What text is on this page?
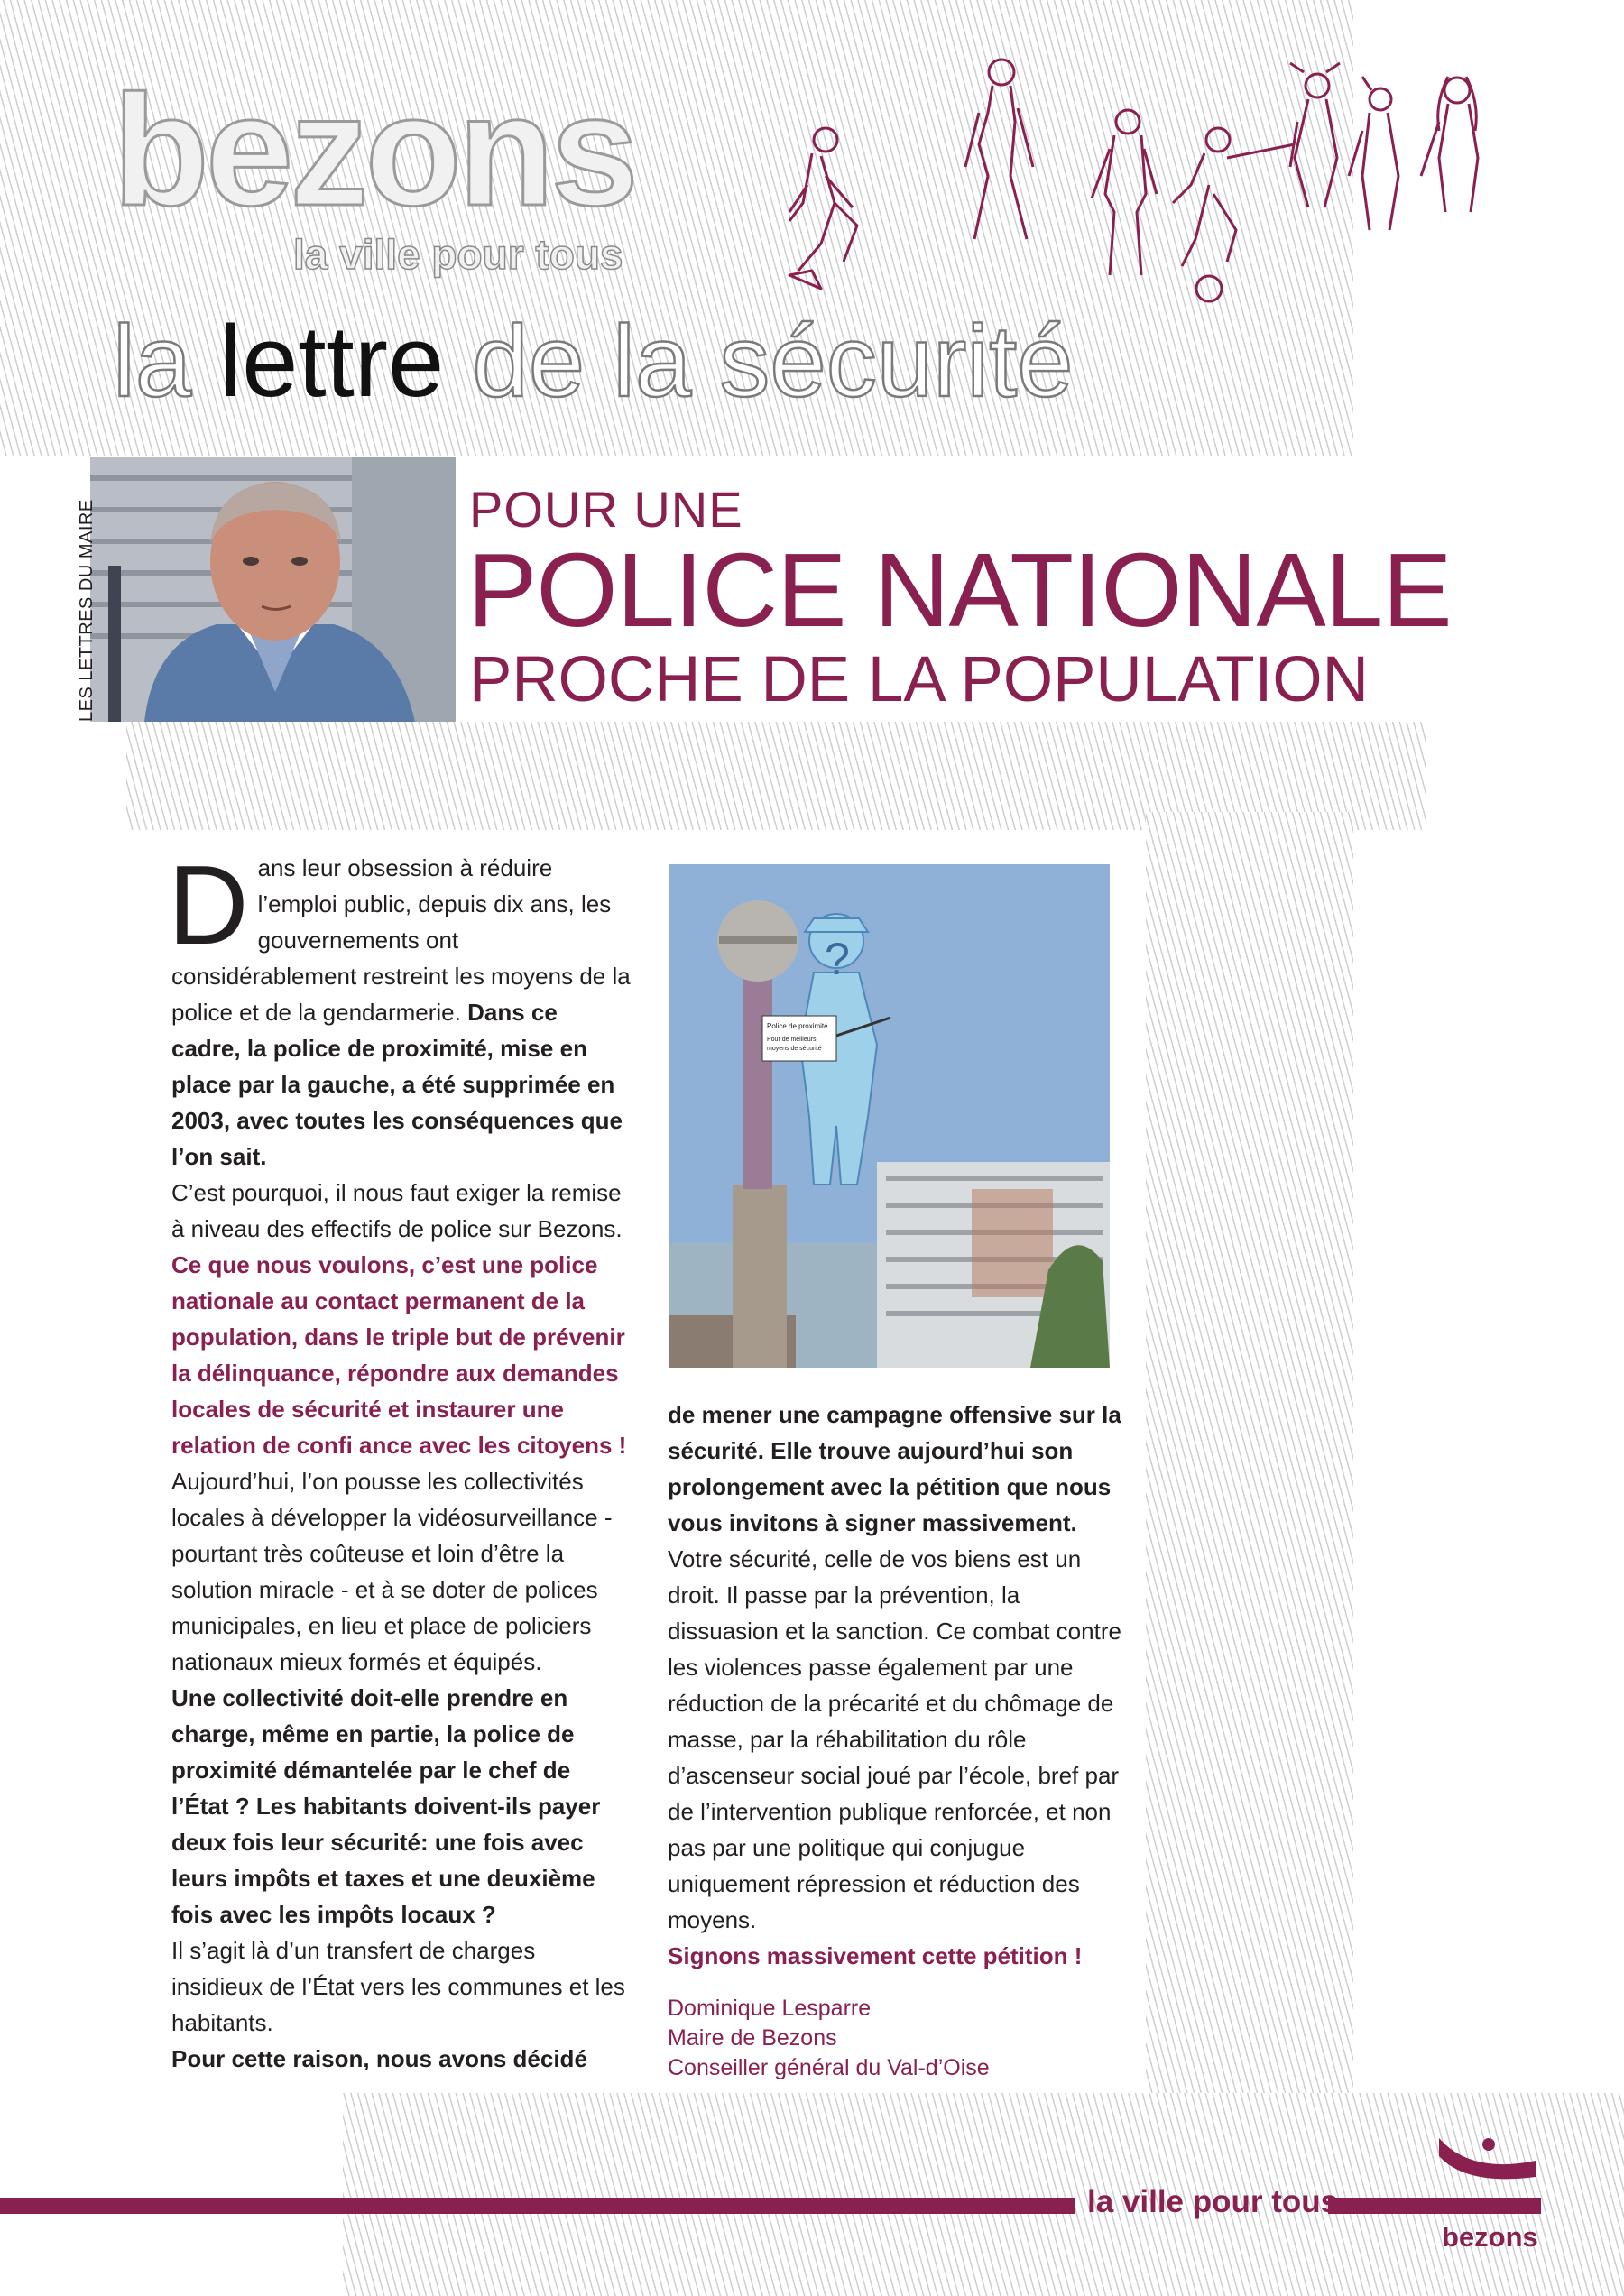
bezons
la ville pour tous
la lettre de la sécurité
LES LETTRES DU MAIRE	POUR UNE
POLICE NATIONALE
PROCHE DE LA POPULATION

Dans leur obsession à réduire l’emploi public, depuis dix ans, les gouvernements ont considérablement restreint les moyens de la police et de la gendarmerie. Dans ce cadre, la police de proximité, mise en place par la gauche, a été supprimée en 2003, avec toutes les conséquences que l’on sait.

C’est pourquoi, il nous faut exiger la remise à niveau des effectifs de police sur Bezons.

Ce que nous voulons, c’est une police nationale au contact permanent de la population, dans le triple but de prévenir la délinquance, répondre aux demandes locales de sécurité et instaurer une relation de confi ance avec les citoyens !

Aujourd’hui, l’on pousse les collectivités locales à développer la vidéosurveillance - pourtant très coûteuse et loin d’être la solution miracle - et à se doter de polices municipales, en lieu et place de policiers nationaux mieux formés et équipés.

Une collectivité doit-elle prendre en charge, même en partie, la police de proximité démantelée par le chef de l’État ? Les habitants doivent-ils payer deux fois leur sécurité: une fois avec leurs impôts et taxes et une deuxième fois avec les impôts locaux ?

Il s’agit là d’un transfert de charges insidieux de l’État vers les communes et les habitants.

Pour cette raison, nous avons décidé

?
Police de proximité
Pour de meilleurs
moyens de sécurité

de mener une campagne offensive sur la sécurité. Elle trouve aujourd’hui son prolongement avec la pétition que nous vous invitons à signer massivement.

Votre sécurité, celle de vos biens est un droit. Il passe par la prévention, la dissuasion et la sanction. Ce combat contre les violences passe également par une réduction de la précarité et du chômage de masse, par la réhabilitation du rôle d’ascenseur social joué par l’école, bref par de l’intervention publique renforcée, et non pas par une politique qui conjugue uniquement répression et réduction des moyens.

Signons massivement cette pétition !

Dominique Lesparre
Maire de Bezons
Conseiller général du Val-d’Oise
la ville pour tous
bezons
